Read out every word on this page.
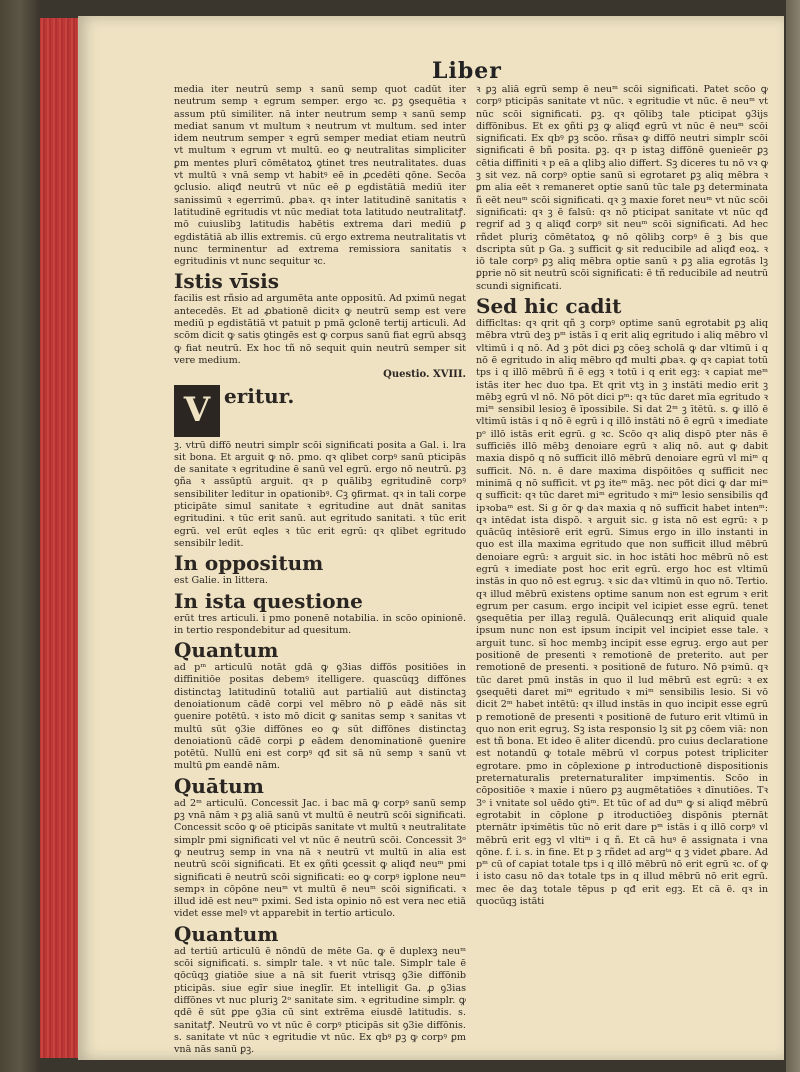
Liber

media iter neutrū semp ꝛ sanū semp quot cadūt iter neutrum semp ꝛ egrum semper. ergo ꝛc. ꝑꝫ ꝯsequētia ꝛ assum ptū similiter. nā inter neutrum semp ꝛ sanū semp mediat sanum vt multum ꝛ neutrum vt multum. sed inter idem neutrum semper ꝛ egrū semper mediat etiam neutrū vt multum ꝛ egrum vt multū. eo ꝙ neutralitas simpliciter ꝑm mentes plurī cōmētatoꝝ ꝯtinet tres neutralitates. duas vt multū ꝛ vnā semp vt habitꝰ eē in ꝓcedēti qōne. Secōa ꝯclusio. aliqđ neutrū vt nūc eē ꝑ egdistātiā mediū iter sanissimū ꝛ egerrimū. ꝓbaꝛ. qꝛ inter latitudinē sanitatis ꝛ latitudinē egritudis vt nūc mediat tota latitudo neutralitatꝭ. mō cuiuslibꝫ latitudis habētis extrema dari mediū ꝑ egdistātiā ab illis extremis. cū ergo extrema neutralitatis vt nunc terminentur ad extrema remissiora sanitatis ꝛ egritudinis vt nunc sequitur ꝛc.

Istis vīsis

facilis est rñsio ad argumēta ante oppositū. Ad pximū negat antecedēs. Et ad ꝓbationē dicitꝛ ꝙ neutrū semp est vere mediū p egdistātiā vt patuit p pmā ꝯclonē tertij articuli. Ad scōm dicit ꝙ satis ꝯtingēs est ꝙ corpus sanū fiat egrū absqꝫ ꝙ fiat neutrū. Ex hoc tñ nō sequit quin neutrū semper sit vere medium.

Questio. XVIII.
V eritur.

ꝫ. vtrū diffō neutri simplr scōi significati posita a Gal. i. lra sit bona. Et arguit ꝙ nō. pmo. qꝛ qlibet corpꝰ sanū pticipās de sanitate ꝛ egritudine ē sanū vel egrū. ergo nō neutrū. ꝑꝫ ꝯña ꝛ assūptū arguit. qꝛ p quālibꝫ egritudinē corpꝰ sensibiliter leditur in opationibꝰ. Cꝫ ꝯfirmat. qꝛ in tali corpe pticipāte simul sanitate ꝛ egritudine aut dnāt sanitas egritudini. ꝛ tūc erit sanū. aut egritudo sanitati. ꝛ tūc erit egrū. vel erūt eqles ꝛ tūc erit egrū: qꝛ qlibet egritudo sensibilr ledit.

In oppositum

est Galie. in littera.

In ista questione

erūt tres articuli. i pmo ponenē notabilia. in scōo opinionē. in tertio respondebitur ad quesitum.

Quantum

ad pᵐ articulū notāt gdā ꝙ ꝯ3ias diffōs positiōes in diffinitiōe positas debemꝰ itelligere. quascūqꝫ diffōnes distinctaꝫ latitudinū totaliū aut partialiū aut distinctaꝫ denoiationum cādē corpi vel mēbro nō ꝑ eādē nās sit ꝯuenire potētū. ꝛ isto mō dicit ꝙ sanitas semp ꝛ sanitas vt multū sūt ꝯ3ie diffōnes eo ꝙ sūt diffōnes distinctaꝫ denoiationū cādē corpi ꝑ eādem denominationē ꝯuenire potētū. Nullū eni est corpꝰ qđ sit sā nū semp ꝛ sanū vt multū ꝑm eandē nām.

Quātum

ad 2ᵐ articulū. Concessit Jac. i bac mā ꝙ corpꝰ sanū semp ꝑꝫ vnā nām ꝛ ꝑꝫ aliā sanū vt multū ē neutrū scōi significati. Concessit scōo ꝙ oē pticipās sanitate vt multū ꝛ neutralitate simplr pmi significati vel vt nūc ē neutrū scōi. Concessit 3ᵒ ꝙ neutruꝫ semp in vna nā ꝛ neutrū vt multū in alia est neutrū scōi significati. Et ex ꝯñti ꝯcessit ꝙ aliqđ neuᵐ pmi significati ē neutrū scōi significati: eo ꝙ corpꝰ iꝯplone neuᵐ sempꝛ in cōpōne neuᵐ vt multū ē neuᵐ scōi significati. ꝛ illud idē est neuᵐ pximi. Sed ista opinio nō est vera nec etiā videt esse melꝰ vt apparebit in tertio articulo.

Quantum

ad tertiū articulū ē nōndū de mēte Ga. ꝙ ē duplexꝫ neuᵐ scōi significati. s. simplr tale. ꝛ vt nūc tale. Simplr tale ē qōcūqꝫ giatiōe siue a nā sit fuerit vtrisqꝫ ꝯ3ie diffōnib pticipās. siue egīr siue ineglīr. Et intelligit Ga. ꝓ ꝯ3ias diffōnes vt nuc pluriꝫ 2ᵒ sanitate sim. ꝛ egritudine simplr. ꝙ qdē ē sūt ꝑpe ꝯ3ia cū sint extrēma eiusdē latitudis. s. sanitatꝭ. Neutrū vo vt nūc ē corpꝰ pticipās sit ꝯ3ie diffōnis. s. sanitate vt nūc ꝛ egritudie vt nūc. Ex qbꝰ ꝑꝫ ꝙ corpꝰ ꝑm vnā nās sanū ꝑꝫ.

ꝛ ꝑꝫ aliā egrū semp ē neuᵐ scōi significati. Patet scōo ꝙ corpꝰ pticipās sanitate vt nūc. ꝛ egritudie vt nūc. ē neuᵐ vt nūc scōi significati. ꝑꝫ. qꝛ qōlibꝫ tale pticipat ꝯ3ijs diffōnibus. Et ex ꝯñti ꝑꝫ ꝙ aliqđ egrū vt nūc ē neuᵐ scōi significati. Ex qbꝰ ꝑꝫ scōo. rñsaꝛ ꝙ diffō neutri simplr scōi significati ē bñ posita. ꝑꝫ. qꝛ p istaꝫ diffōnē ꝯuenieēr ꝑꝫ cētia diffiniti ꝛ p eā a qlibꝫ alio differt. Sꝫ diceres tu nō vꝛ ꝙ ꝫ sit vez. nā corpꝰ optie sanū si egrotaret ꝑꝫ aliq mēbra ꝛ ꝑm alia eēt ꝛ remaneret optie sanū tūc tale ꝑꝫ determinata ñ eēt neuᵐ scōi significati. qꝛ ꝫ maxie foret neuᵐ vt nūc scōi significati: qꝛ ꝫ ē falsū: qꝛ nō pticipat sanitate vt nūc qđ regrif ad ꝫ q aliqđ corpꝰ sit neuᵐ scōi significati. Ad hec rñdet pluriꝫ cōmētatoꝝ ꝙ nō qōlibꝫ corpꝰ ē ꝫ bis que dscripta sūt p Ga. ꝫ sufficit ꝙ sit reducibile ad aliqđ eoꝝ. ꝛ iō tale corpꝰ ꝑꝫ aliq mēbra optie sanū ꝛ ꝑꝫ alia egrotās lꝫ ꝑprie nō sit neutrū scōi significati: ē tñ reducibile ad neutrū scundi significati.

Sed hic cadit

difficltas: qꝛ qrit qñ ꝫ corpꝰ optime sanū egrotabit ꝑꝫ aliq mēbra vtrū deꝫ pᵐ istās ī q erit aliq egritudo i aliq mēbro vl vltimū i q nō. Ad ꝫ pōt dici ꝑꝫ cōeꝫ scholā ꝙ dar vltimū i q nō ē egritudo in aliq mēbro qđ multi ꝓbaꝛ. ꝙ qꝛ capiat totū tps i q illō mēbrū ñ ē egꝫ ꝛ totū i q erit egꝫ: ꝛ capiat meᵐ istās iter hec duo tpa. Et qrit vtꝫ in ꝫ instāti medio erit ꝫ mēbꝫ egrū vl nō. Nō pōt dici pᵐ: qꝛ tūc daret mīa egritudo ꝛ miᵐ sensibil lesioꝫ ē īpossibile. Si dat 2ᵐ ꝫ ītētū. s. ꝙ illō ē vltimū istās i q nō ē egrū i q illō instāti nō ē egrū ꝛ imediate pᵒ illō istās erit egrū. g ꝛc. Scōo qꝛ aliq dispō pter nās ē sufficiēs illō mēbꝫ denoiare egrū ꝛ aliq nō. aut ꝙ dabit maxia dispō q nō sufficit illō mēbrū denoiare egrū vl miᵐ q sufficit. Nō. n. ē dare maxima dispōitōes q sufficit nec minimā q nō sufficit. vt ꝑꝫ iteᵐ māꝫ. nec pōt dici ꝙ dar miᵐ q sufficit: qꝛ tūc daret miᵐ egritudo ꝛ miᵐ lesio sensibilis qđ ipꝛobaᵐ est. Si g ōr ꝙ daꝛ maxia q nō sufficit habet intenᵐ: qꝛ intēdat ista dispō. ꝛ arguit sic. g ista nō est egrū: ꝛ p quācūq intēsiorē erit egrū. Simus ergo in illo instanti in quo est illa maxima egritudo que non sufficit illud mēbrū denoiare egrū: ꝛ arguit sic. in hoc istāti hoc mēbrū nō est egrū ꝛ imediate post hoc erit egrū. ergo hoc est vltimū instās in quo nō est egruꝫ. ꝛ sic daꝛ vltimū in quo nō. Tertio. qꝛ illud mēbrū existens optime sanum non est egrum ꝛ erit egrum per casum. ergo incipit vel icipiet esse egrū. tenet ꝯsequētia per illaꝫ regulā. Quālecunqꝫ erit aliquid quale ipsum nunc non est ipsum incipit vel incipiet esse tale. ꝛ arguit tunc. sī hoc membꝫ incipit esse egruꝫ. ergo aut per positionē de presenti ꝛ remotionē de preterito. aut per remotionē de presenti. ꝛ positionē de futuro. Nō pꝛimū. qꝛ tūc daret pmū instās in quo il lud mēbrū est egrū: ꝛ ex ꝯsequēti daret miᵐ egritudo ꝛ miᵐ sensibilis lesio. Si vō dicit 2ᵐ habet intētū: qꝛ illud instās in quo incipit esse egrū p remotionē de presenti ꝛ positionē de futuro erit vltimū in quo non erit egruꝫ. Sꝫ ista responsio lꝫ sit ꝑꝫ cōem viā: non est tñ bona. Et ideo ē aliter dicendū. pro cuius declaratione est notandū ꝙ totale mēbrū vl corpus potest tripliciter egrotare. pmo in cōplexione ꝑ introductionē dispositionis preternaturalis preternaturaliter impꝛimentis. Scōo in cōpositiōe ꝛ maxie i nūero ꝑꝫ augmētatiōes ꝛ dīnutiōes. Tꝛ 3ᵒ i vnitate sol uēdo ꝯtiᵐ. Et tūc of ad duᵐ ꝙ si aliqđ mēbrū egrotabit in cōplone ꝑ itroductiōeꝫ dispōnis pternāt pternātr ipꝛimētis tūc nō erit dare pᵐ istās i q illō corpꝰ vl mēbrū erit egꝫ vl vltiᵐ i q ñ. Et cā huꝰ ē assignata i vna qōne. f. i. s. in fine. Et p ꝫ rñdet ad argᵗᵃ q ꝫ videt ꝓbare. Ad pᵐ cū of capiat totale tps i q illō mēbrū nō erit egrū ꝛc. of ꝙ i isto casu nō daꝛ totale tps in q illud mēbrū nō erit egrū. mec ēe daꝫ totale tēpus p qđ erit egꝫ. Et cā ē. qꝛ in quocūqꝫ istāti
